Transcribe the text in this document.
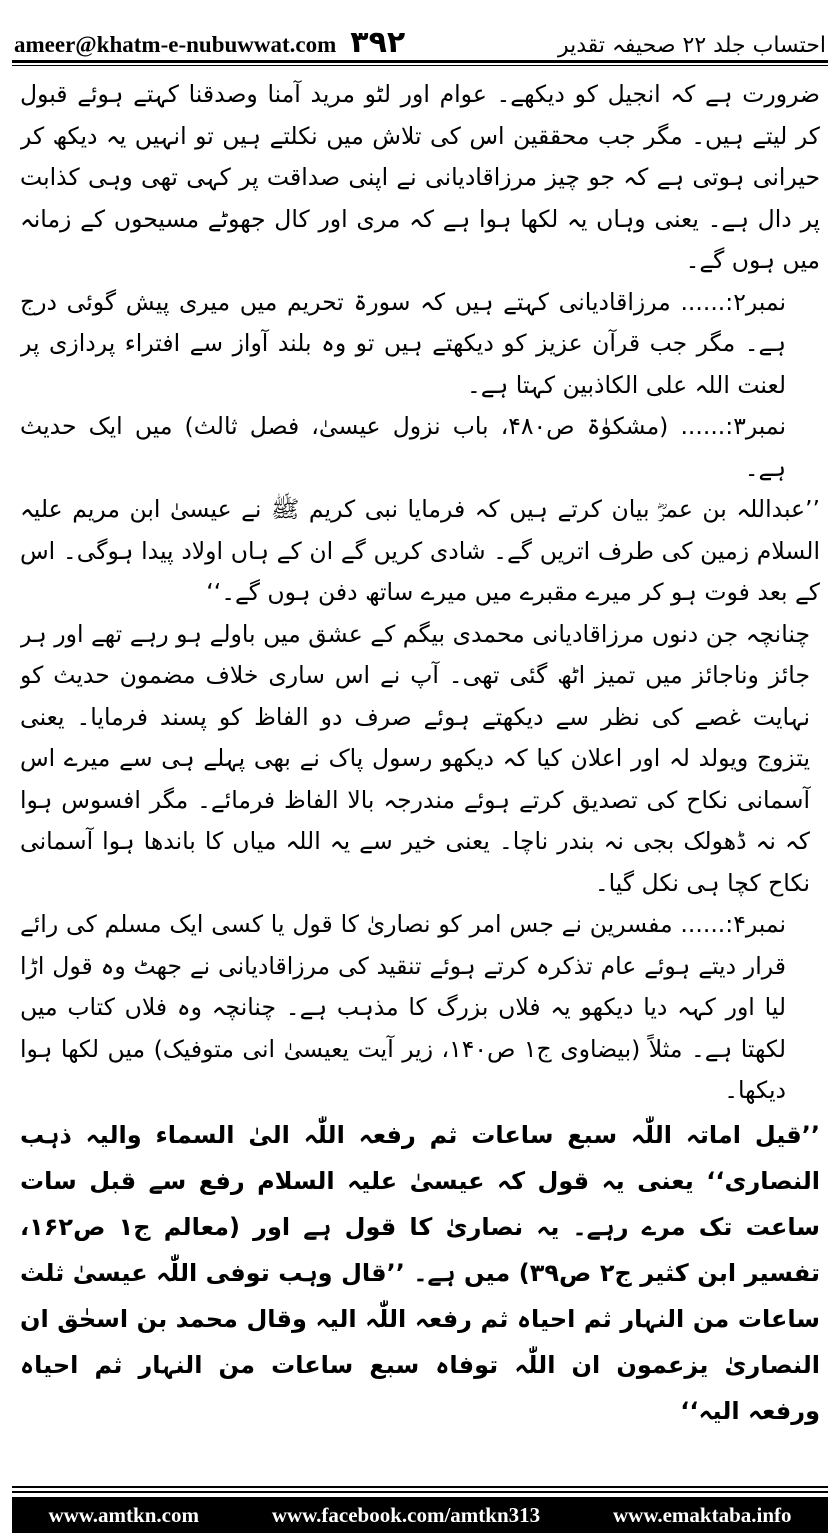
ameer@khatm-e-nubuwwat.com ۳۹۲	احتساب جلد ۲۲ صحیفہ تقدیر

ضرورت ہے کہ انجیل کو دیکھے۔ عوام اور لٹو مرید آمنا وصدقنا کہتے ہوئے قبول کر لیتے ہیں۔ مگر جب محققین اس کی تلاش میں نکلتے ہیں تو انہیں یہ دیکھ کر حیرانی ہوتی ہے کہ جو چیز مرزاقادیانی نے اپنی صداقت پر کہی تھی وہی کذابت پر دال ہے۔ یعنی وہاں یہ لکھا ہوا ہے کہ مری اور کال جھوٹے مسیحوں کے زمانہ میں ہوں گے۔

نمبر۲:...... مرزاقادیانی کہتے ہیں کہ سورۃ تحریم میں میری پیش گوئی درج ہے۔ مگر جب قرآن عزیز کو دیکھتے ہیں تو وہ بلند آواز سے افتراء پردازی پر لعنت اللہ علی الکاذبین کہتا ہے۔

نمبر۳:...... (مشکوٰۃ ص۴۸۰، باب نزول عیسیٰ، فصل ثالث) میں ایک حدیث ہے۔

’’عبداللہ بن عمرؓ بیان کرتے ہیں کہ فرمایا نبی کریم ﷺ نے عیسیٰ ابن مریم علیہ السلام زمین کی طرف اتریں گے۔ شادی کریں گے ان کے ہاں اولاد پیدا ہوگی۔ اس کے بعد فوت ہو کر میرے مقبرے میں میرے ساتھ دفن ہوں گے۔‘‘

چنانچہ جن دنوں مرزاقادیانی محمدی بیگم کے عشق میں باولے ہو رہے تھے اور ہر جائز وناجائز میں تمیز اٹھ گئی تھی۔ آپ نے اس ساری خلاف مضمون حدیث کو نہایت غصے کی نظر سے دیکھتے ہوئے صرف دو الفاظ کو پسند فرمایا۔ یعنی یتزوج ویولد لہ اور اعلان کیا کہ دیکھو رسول پاک نے بھی پہلے ہی سے میرے اس آسمانی نکاح کی تصدیق کرتے ہوئے مندرجہ بالا الفاظ فرمائے۔ مگر افسوس ہوا کہ نہ ڈھولک بجی نہ بندر ناچا۔ یعنی خیر سے یہ اللہ میاں کا باندھا ہوا آسمانی نکاح کچا ہی نکل گیا۔

نمبر۴:...... مفسرین نے جس امر کو نصاریٰ کا قول یا کسی ایک مسلم کی رائے قرار دیتے ہوئے عام تذکرہ کرتے ہوئے تنقید کی مرزاقادیانی نے جھٹ وہ قول اڑا لیا اور کہہ دیا دیکھو یہ فلاں بزرگ کا مذہب ہے۔ چنانچہ وہ فلاں کتاب میں لکھتا ہے۔ مثلاً (بیضاوی ج۱ ص۱۴۰، زیر آیت یعیسیٰ انی متوفیک) میں لکھا ہوا دیکھا۔

’’قیل اماتہ اللّٰہ سبع ساعات ثم رفعہ اللّٰہ الیٰ السماء والیہ ذہب النصاری‘‘ یعنی یہ قول کہ عیسیٰ علیہ السلام رفع سے قبل سات ساعت تک مرے رہے۔ یہ نصاریٰ کا قول ہے اور (معالم ج۱ ص۱۶۲، تفسیر ابن کثیر ج۲ ص۳۹) میں ہے۔ ’’قال وہب توفی اللّٰہ عیسیٰ ثلث ساعات من النہار ثم احیاہ ثم رفعہ اللّٰہ الیہ وقال محمد بن اسحٰق ان النصاریٰ یزعمون ان اللّٰہ توفاہ سبع ساعات من النہار ثم احیاہ ورفعہ الیہ‘‘

www.amtkn.com	www.facebook.com/amtkn313	www.emaktaba.info
